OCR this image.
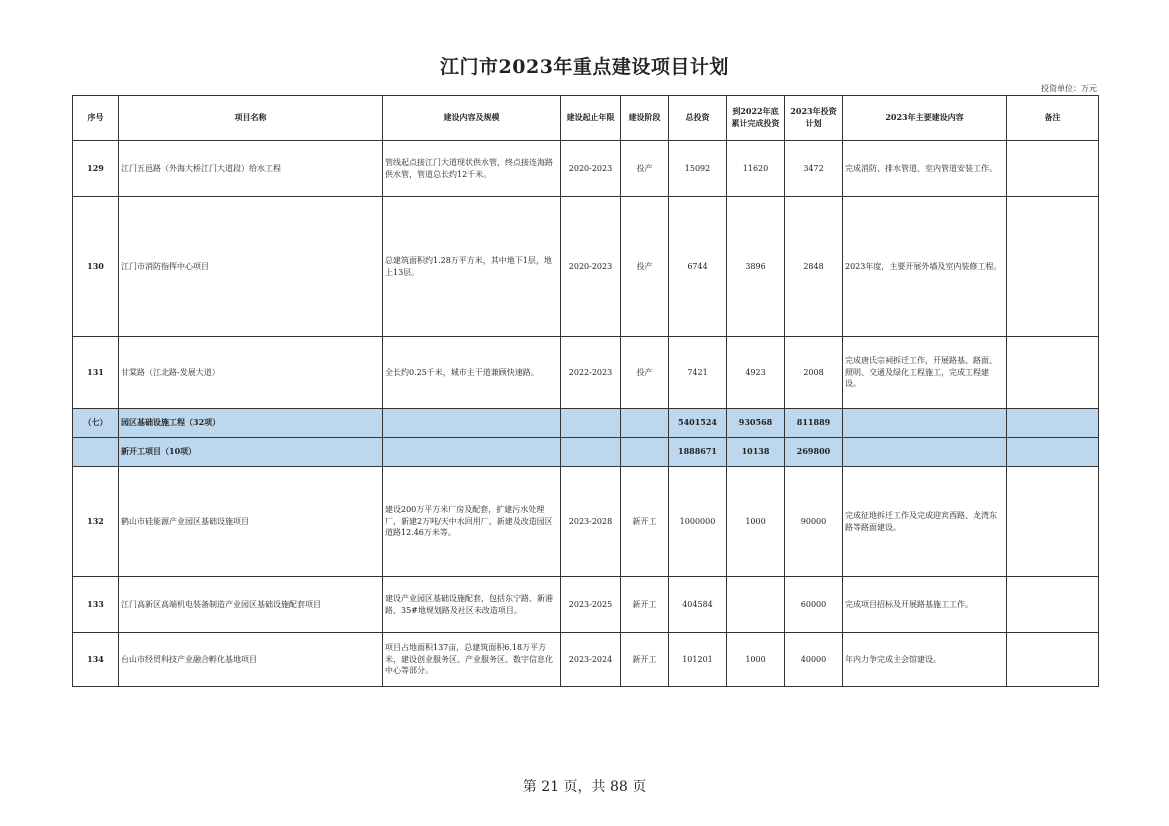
江门市2023年重点建设项目计划
投资单位：万元
序号	项目名称	建设内容及规模	建设起止年限	建设阶段	总投资	到2022年底累计完成投资	2023年投资计划	2023年主要建设内容	备注
129	江门五邑路（外海大桥江门大道段）给水工程	管线起点接江门大道现状供水管，终点接连海路供水管，管道总长约12千米。	2020-2023	投产	15092	11620	3472	完成消防、排水管道、室内管道安装工作。	
130	江门市消防指挥中心项目	总建筑面积约1.28万平方米，其中地下1层，地上13层。	2020-2023	投产	6744	3896	2848	2023年度，主要开展外墙及室内装修工程。	
131	甘棠路（江北路-发展大道）	全长约0.25千米，城市主干道兼顾快速路。	2022-2023	投产	7421	4923	2008	完成唐氏宗祠拆迁工作，开展路基、路面、照明、交通及绿化工程施工，完成工程建设。	
（七）	园区基础设施工程（32项）				5401524	930568	811889		
	新开工项目（10项）				1888671	10138	269800		
132	鹤山市硅能源产业园区基础设施项目	建设200万平方米厂房及配套，扩建污水处理厂，新建2万吨/天中水回用厂，新建及改造园区道路12.46万米等。	2023-2028	新开工	1000000	1000	90000	完成征地拆迁工作及完成迎宾西路、龙湾东路等路面建设。	
133	江门高新区高端机电装备制造产业园区基础设施配套项目	建设产业园区基础设施配套，包括东宁路、新港路、35#地规划路及社区未改造项目。	2023-2025	新开工	404584		60000	完成项目招标及开展路基施工工作。	
134	台山市经贸科技产业融合孵化基地项目	项目占地面积137亩，总建筑面积6.18万平方米，建设创业服务区、产业服务区、数字信息化中心等部分。	2023-2024	新开工	101201	1000	40000	年内力争完成主会馆建设。	
第 21 页，共 88 页
